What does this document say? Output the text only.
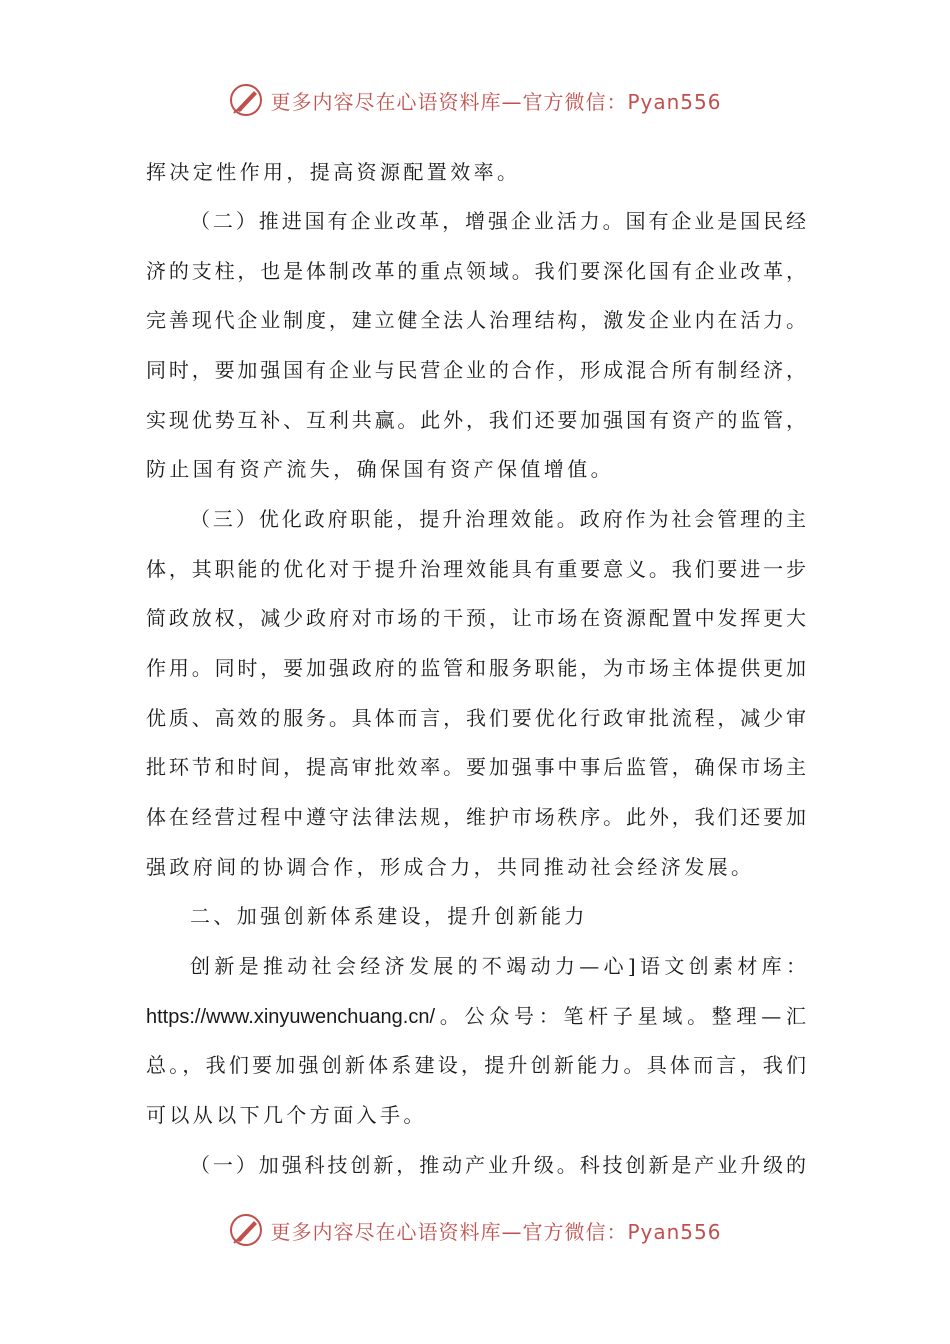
更多内容尽在心语资料库—官方微信：Pyan556
挥决定性作用，提高资源配置效率。
（二）推进国有企业改革，增强企业活力。国有企业是国民经
济的支柱，也是体制改革的重点领域。我们要深化国有企业改革，
完善现代企业制度，建立健全法人治理结构，激发企业内在活力。
同时，要加强国有企业与民营企业的合作，形成混合所有制经济，
实现优势互补、互利共赢。此外，我们还要加强国有资产的监管，
防止国有资产流失，确保国有资产保值增值。
（三）优化政府职能，提升治理效能。政府作为社会管理的主
体，其职能的优化对于提升治理效能具有重要意义。我们要进一步
简政放权，减少政府对市场的干预，让市场在资源配置中发挥更大
作用。同时，要加强政府的监管和服务职能，为市场主体提供更加
优质、高效的服务。具体而言，我们要优化行政审批流程，减少审
批环节和时间，提高审批效率。要加强事中事后监管，确保市场主
体在经营过程中遵守法律法规，维护市场秩序。此外，我们还要加
强政府间的协调合作，形成合力，共同推动社会经济发展。
二、加强创新体系建设，提升创新能力
创新是推动社会经济发展的不竭动力—心]语文创素材库：
https://www.xinyuwenchuang.cn/。公众号：笔杆子星域。整理—汇
总。，我们要加强创新体系建设，提升创新能力。具体而言，我们
可以从以下几个方面入手。
（一）加强科技创新，推动产业升级。科技创新是产业升级的
更多内容尽在心语资料库—官方微信：Pyan556
